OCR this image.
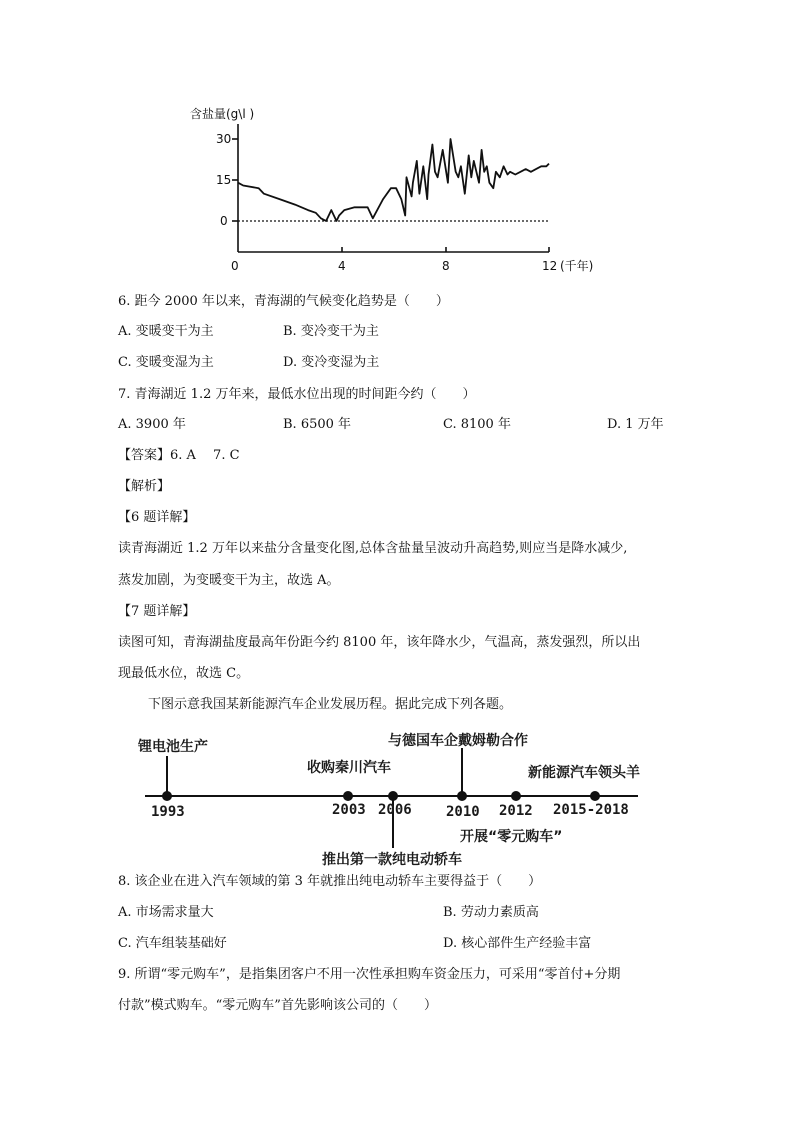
含盐量(g\l )
30
15
0
0	4	8	12 (千年)
6. 距今 2000 年以来，青海湖的气候变化趋势是（　　）
A. 变暖变干为主	B. 变冷变干为主
C. 变暖变湿为主	D. 变冷变湿为主
7. 青海湖近 1.2 万年来，最低水位出现的时间距今约（　　）
A. 3900 年	B. 6500 年	C. 8100 年	D. 1 万年
【答案】6. A　 7. C
【解析】
【6 题详解】
读青海湖近 1.2 万年以来盐分含量变化图,总体含盐量呈波动升高趋势,则应当是降水减少,
蒸发加剧，为变暖变干为主，故选 A。
【7 题详解】
读图可知，青海湖盐度最高年份距今约 8100 年，该年降水少，气温高，蒸发强烈，所以出
现最低水位，故选 C。
下图示意我国某新能源汽车企业发展历程。据此完成下列各题。
锂电池生产
收购秦川汽车
与德国车企戴姆勒合作
新能源汽车领头羊
开展“零元购车”
推出第一款纯电动轿车
1993	2003 2006 2010 2012 2015-2018
8. 该企业在进入汽车领域的第 3 年就推出纯电动轿车主要得益于（　　）
A. 市场需求量大	B. 劳动力素质高
C. 汽车组装基础好	D. 核心部件生产经验丰富
9. 所谓“零元购车”，是指集团客户不用一次性承担购车资金压力，可采用“零首付+分期
付款”模式购车。“零元购车”首先影响该公司的（　　）
